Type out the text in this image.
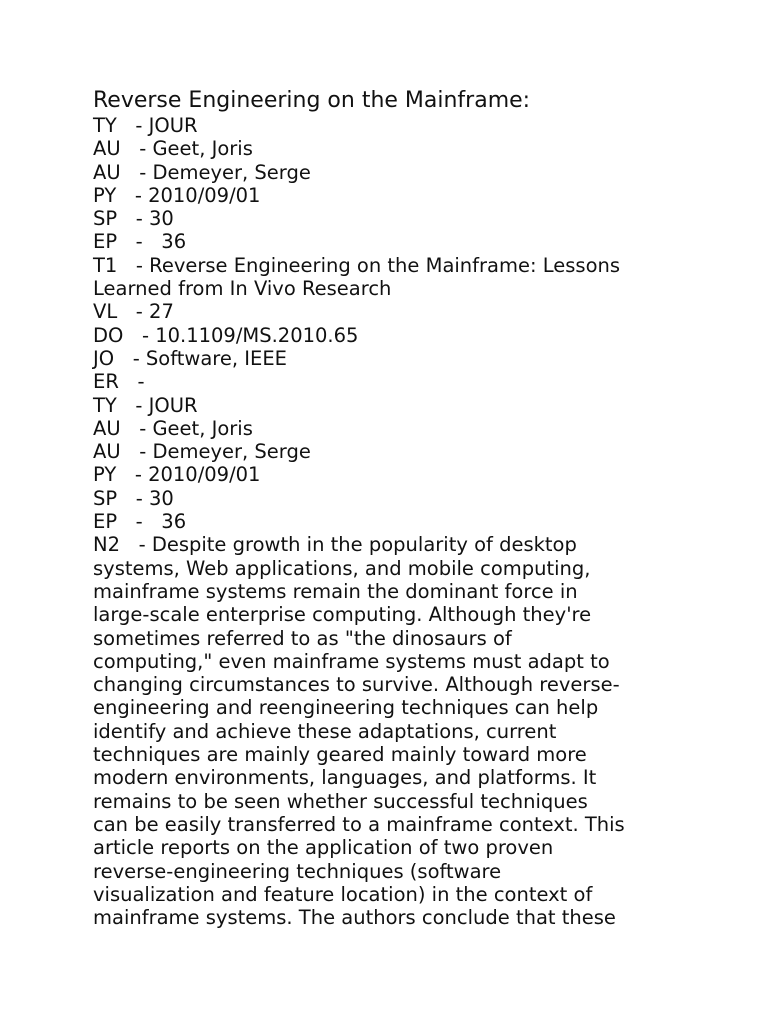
Reverse Engineering on the Mainframe:
TY   - JOUR
AU   - Geet, Joris
AU   - Demeyer, Serge
PY   - 2010/09/01
SP   - 30
EP   -   36
T1   - Reverse Engineering on the Mainframe: Lessons
Learned from In Vivo Research
VL   - 27
DO   - 10.1109/MS.2010.65
JO   - Software, IEEE
ER   -
TY   - JOUR
AU   - Geet, Joris
AU   - Demeyer, Serge
PY   - 2010/09/01
SP   - 30
EP   -   36
N2   - Despite growth in the popularity of desktop
systems, Web applications, and mobile computing,
mainframe systems remain the dominant force in
large-scale enterprise computing. Although they're
sometimes referred to as "the dinosaurs of
computing," even mainframe systems must adapt to
changing circumstances to survive. Although reverse-
engineering and reengineering techniques can help
identify and achieve these adaptations, current
techniques are mainly geared mainly toward more
modern environments, languages, and platforms. It
remains to be seen whether successful techniques
can be easily transferred to a mainframe context. This
article reports on the application of two proven
reverse-engineering techniques (software
visualization and feature location) in the context of
mainframe systems. The authors conclude that these
